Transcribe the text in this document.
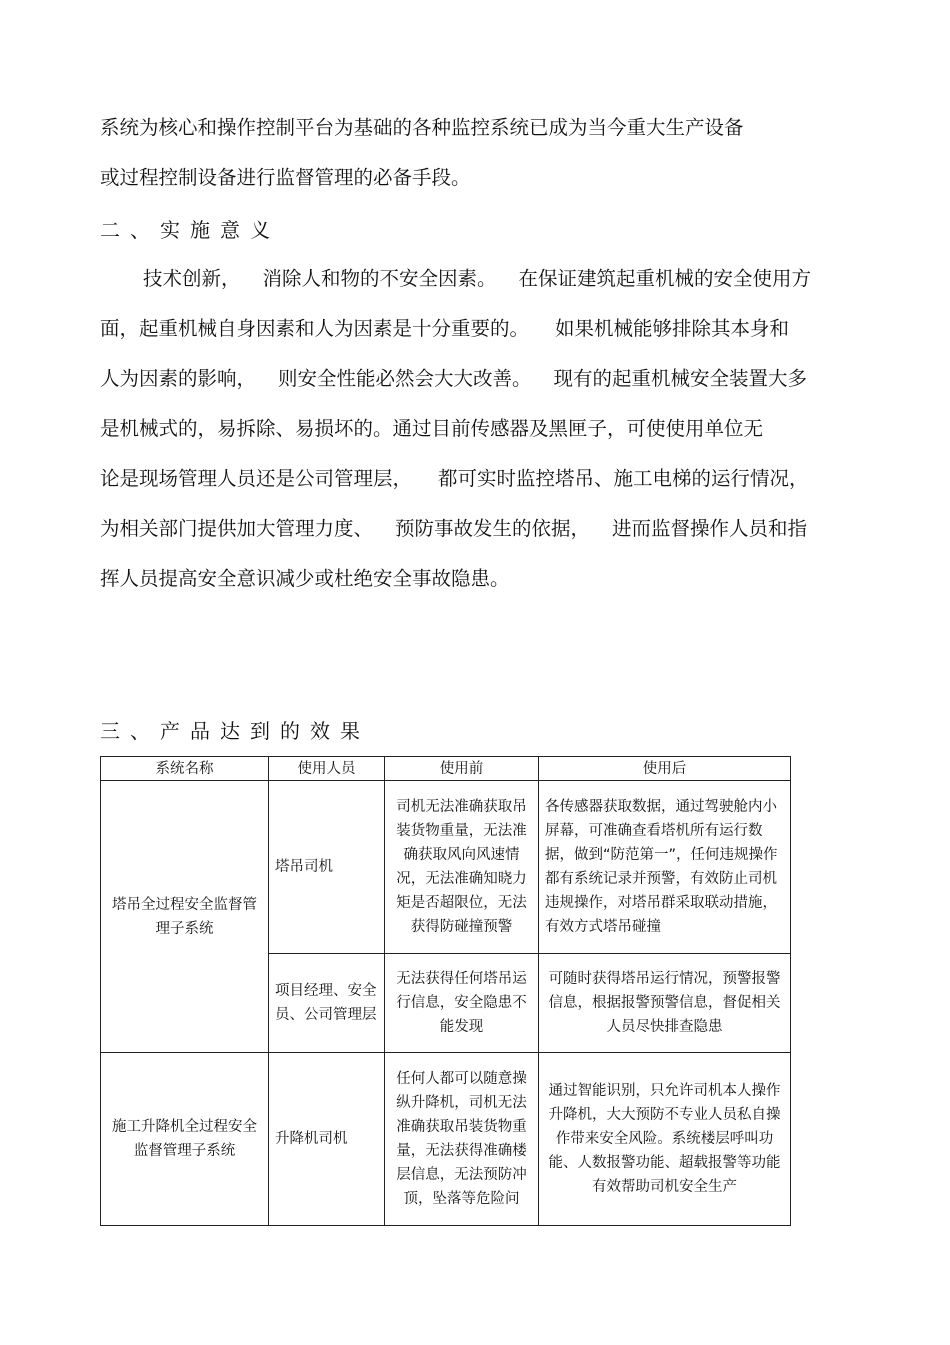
系统为核心和操作控制平台为基础的各种监控系统已成为当今重大生产设备
或过程控制设备进行监督管理的必备手段。
二、实施意义
技术创新， 消除人和物的不安全因素。 在保证建筑起重机械的安全使用方
面，起重机械自身因素和人为因素是十分重要的。 如果机械能够排除其本身和
人为因素的影响， 则安全性能必然会大大改善。 现有的起重机械安全装置大多
是机械式的，易拆除、易损坏的。通过目前传感器及黑匣子，可使使用单位无
论是现场管理人员还是公司管理层， 都可实时监控塔吊、施工电梯的运行情况，
为相关部门提供加大管理力度、 预防事故发生的依据， 进而监督操作人员和指
挥人员提高安全意识减少或杜绝安全事故隐患。
三、产品达到的效果
系统名称	使用人员	使用前	使用后
塔吊全过程安全监督管理子系统	塔吊司机	司机无法准确获取吊装货物重量，无法准确获取风向风速情况，无法准确知晓力矩是否超限位，无法获得防碰撞预警	各传感器获取数据，通过驾驶舱内小屏幕，可准确查看塔机所有运行数据，做到“防范第一”，任何违规操作都有系统记录并预警，有效防止司机违规操作，对塔吊群采取联动措施，有效方式塔吊碰撞
	项目经理、安全员、公司管理层	无法获得任何塔吊运行信息，安全隐患不能发现	可随时获得塔吊运行情况，预警报警信息，根据报警预警信息，督促相关人员尽快排查隐患
施工升降机全过程安全监督管理子系统	升降机司机	任何人都可以随意操纵升降机，司机无法准确获取吊装货物重量，无法获得准确楼层信息，无法预防冲顶，坠落等危险问	通过智能识别，只允许司机本人操作升降机，大大预防不专业人员私自操作带来安全风险。系统楼层呼叫功能、人数报警功能、超载报警等功能有效帮助司机安全生产
